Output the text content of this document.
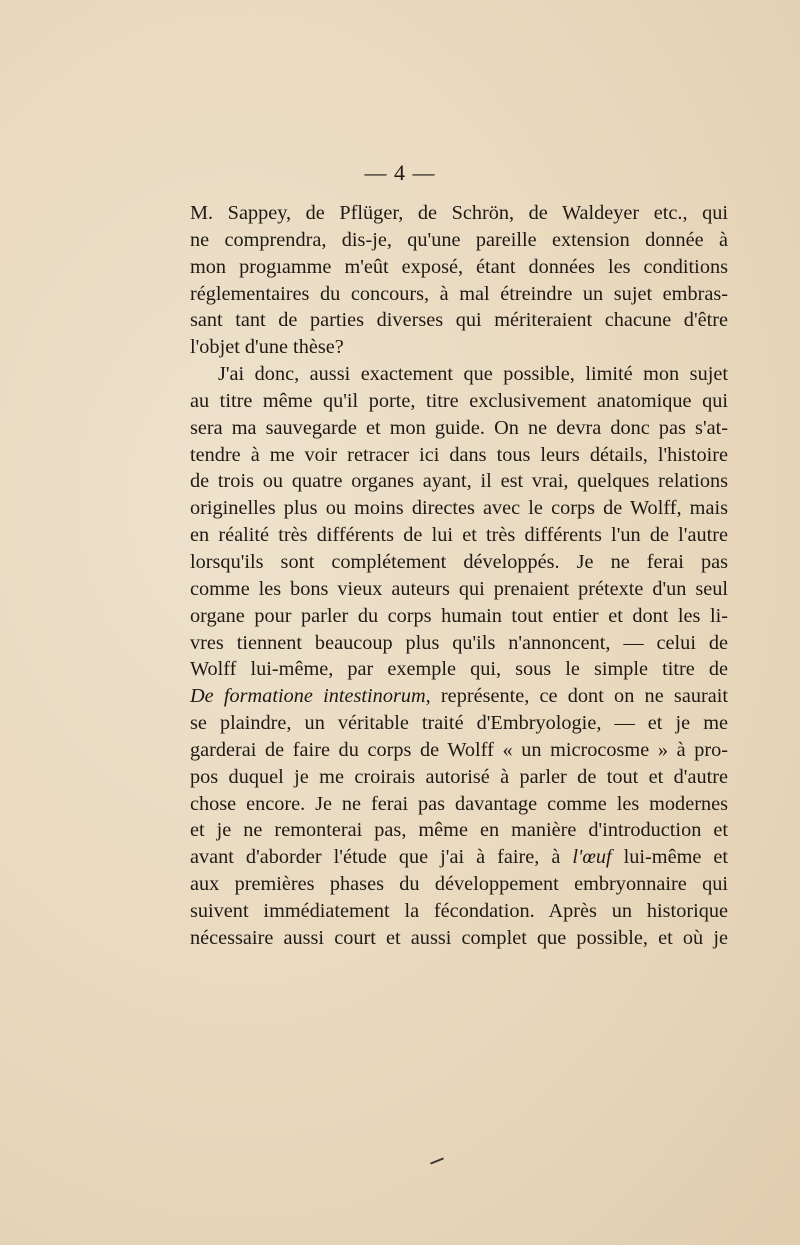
— 4 —
M. Sappey, de Pflüger, de Schrön, de Waldeyer etc., qui
ne comprendra, dis-je, qu'une pareille extension donnée à
mon progıamme m'eût exposé, étant données les conditions
réglementaires du concours, à mal étreindre un sujet embras-
sant tant de parties diverses qui mériteraient chacune d'être
l'objet d'une thèse?
J'ai donc, aussi exactement que possible, limité mon sujet
au titre même qu'il porte, titre exclusivement anatomique qui
sera ma sauvegarde et mon guide. On ne devra donc pas s'at-
tendre à me voir retracer ici dans tous leurs détails, l'histoire
de trois ou quatre organes ayant, il est vrai, quelques relations
originelles plus ou moins directes avec le corps de Wolff, mais
en réalité très différents de lui et très différents l'un de l'autre
lorsqu'ils sont complétement développés. Je ne ferai pas
comme les bons vieux auteurs qui prenaient prétexte d'un seul
organe pour parler du corps humain tout entier et dont les li-
vres tiennent beaucoup plus qu'ils n'annoncent, — celui de
Wolff lui-même, par exemple qui, sous le simple titre de
De formatione intestinorum, représente, ce dont on ne saurait
se plaindre, un véritable traité d'Embryologie, — et je me
garderai de faire du corps de Wolff « un microcosme » à pro-
pos duquel je me croirais autorisé à parler de tout et d'autre
chose encore. Je ne ferai pas davantage comme les modernes
et je ne remonterai pas, même en manière d'introduction et
avant d'aborder l'étude que j'ai à faire, à l'œuf lui-même et
aux premières phases du développement embryonnaire qui
suivent immédiatement la fécondation. Après un historique
nécessaire aussi court et aussi complet que possible, et où je
